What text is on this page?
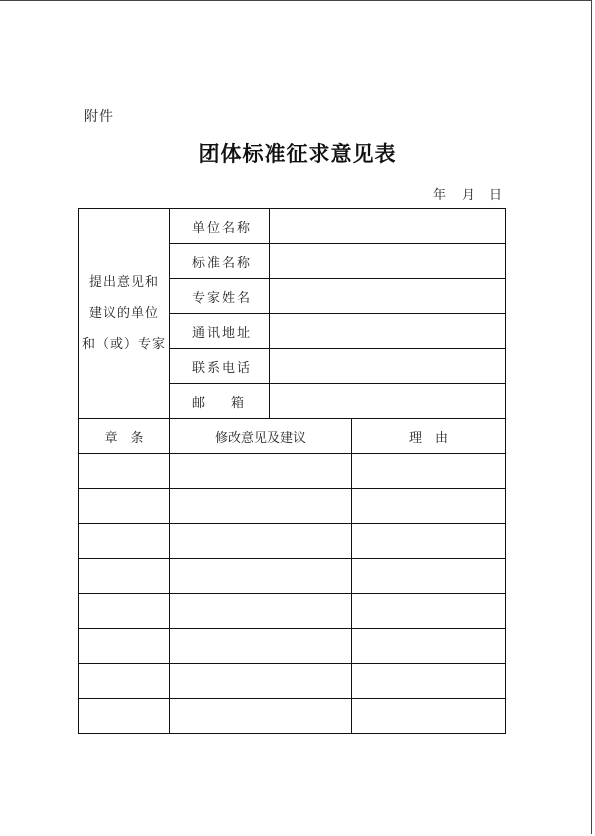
附件
团体标准征求意见表
年 月 日
提出意见和
建议的单位
和（或）专家	单位名称		
	标准名称		
	专家姓名		
	通讯地址		
	联系电话		
	邮　　箱		
章　条	修改意见及建议		理　由
